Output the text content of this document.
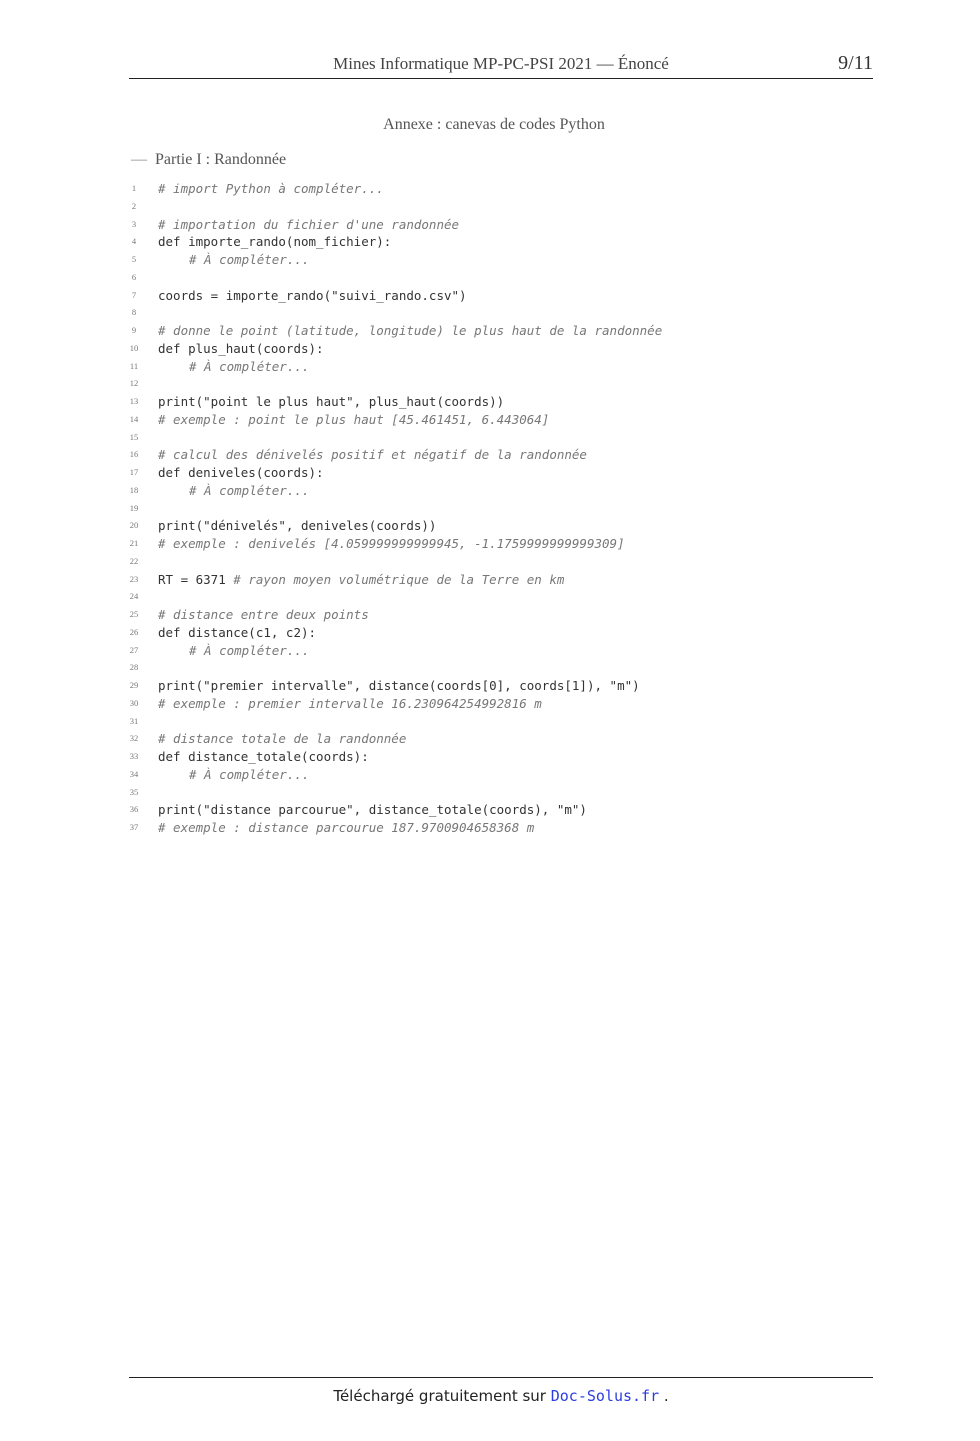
Mines Informatique MP-PC-PSI 2021 — Énoncé	9/11
Annexe : canevas de codes Python
— Partie I : Randonnée
1	# import Python à compléter...
2
3	# importation du fichier d'une randonnée
4	def importe_rando(nom_fichier):
5	# À compléter...
6
7	coords = importe_rando("suivi_rando.csv")
8
9	# donne le point (latitude, longitude) le plus haut de la randonnée
10	def plus_haut(coords):
11	# À compléter...
12
13	print("point le plus haut", plus_haut(coords))
14	# exemple : point le plus haut [45.461451, 6.443064]
15
16	# calcul des dénivelés positif et négatif de la randonnée
17	def deniveles(coords):
18	# À compléter...
19
20	print("dénivelés", deniveles(coords))
21	# exemple : denivelés [4.059999999999945, -1.1759999999999309]
22
23	RT = 6371 # rayon moyen volumétrique de la Terre en km
24
25	# distance entre deux points
26	def distance(c1, c2):
27	# À compléter...
28
29	print("premier intervalle", distance(coords[0], coords[1]), "m")
30	# exemple : premier intervalle 16.230964254992816 m
31
32	# distance totale de la randonnée
33	def distance_totale(coords):
34	# À compléter...
35
36	print("distance parcourue", distance_totale(coords), "m")
37	# exemple : distance parcourue 187.9700904658368 m
Téléchargé gratuitement sur Doc-Solus.fr .
